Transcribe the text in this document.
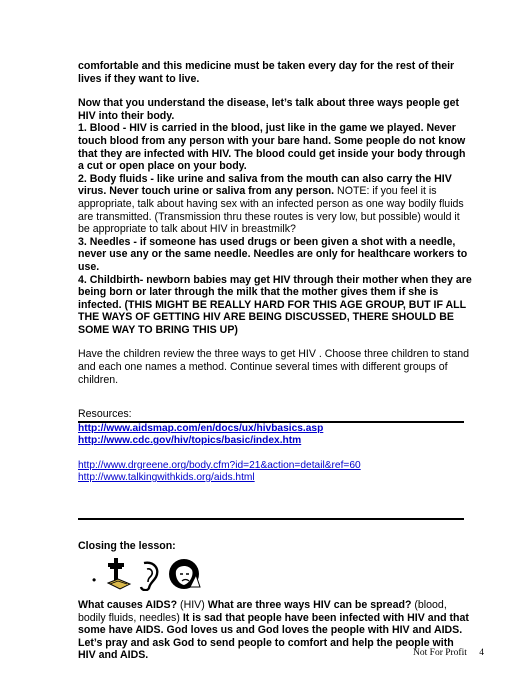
comfortable and this medicine must be taken every day for the rest of their lives if they want to live.

Now that you understand the disease, let’s talk about three ways people get HIV into their body.

1. Blood - HIV is carried in the blood, just like in the game we played. Never touch blood from any person with your bare hand. Some people do not know that they are infected with HIV. The blood could get inside your body through a cut or open place on your body.

2. Body fluids - like urine and saliva from the mouth can also carry the HIV virus. Never touch urine or saliva from any person. NOTE: if you feel it is appropriate, talk about having sex with an infected person as one way bodily fluids are transmitted. (Transmission thru these routes is very low, but possible) would it be appropriate to talk about HIV in breastmilk?

3. Needles - if someone has used drugs or been given a shot with a needle, never use any or the same needle. Needles are only for healthcare workers to use.

4. Childbirth- newborn babies may get HIV through their mother when they are being born or later through the milk that the mother gives them if she is infected. (THIS MIGHT BE REALLY HARD FOR THIS AGE GROUP, BUT IF ALL THE WAYS OF GETTING HIV ARE BEING DISCUSSED, THERE SHOULD BE SOME WAY TO BRING THIS UP)

Have the children review the three ways to get HIV . Choose three children to stand and each one names a method. Continue several times with different groups of children.

Resources:

http://www.aidsmap.com/en/docs/ux/hivbasics.asp
http://www.cdc.gov/hiv/topics/basic/index.htm
http://www.drgreene.org/body.cfm?id=21&action=detail&ref=60
http://www.talkingwithkids.org/aids.html

Closing the lesson:

•

What causes AIDS? (HIV) What are three ways HIV can be spread? (blood, bodily fluids, needles) It is sad that people have been infected with HIV and that some have AIDS. God loves us and God loves the people with HIV and AIDS. Let’s pray and ask God to send people to comfort and help the people with HIV and AIDS.	Not For Profit 4
